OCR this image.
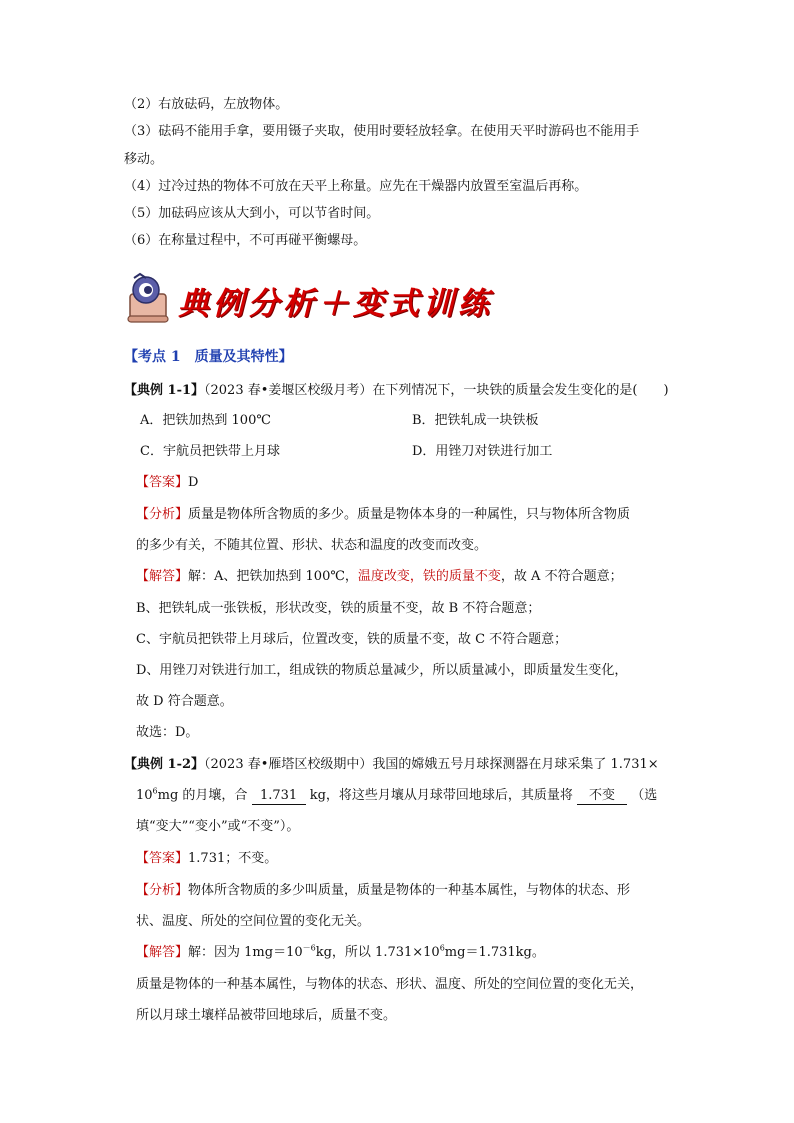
（2）右放砝码，左放物体。
（3）砝码不能用手拿，要用镊子夹取，使用时要轻放轻拿。在使用天平时游码也不能用手
移动。
（4）过冷过热的物体不可放在天平上称量。应先在干燥器内放置至室温后再称。
（5）加砝码应该从大到小，可以节省时间。
（6）在称量过程中，不可再碰平衡螺母。
典例分析＋变式训练
【考点 1　质量及其特性】
【典例 1-1】（2023 春•姜堰区校级月考）在下列情况下，一块铁的质量会发生变化的是(　　)
A．把铁加热到 100℃	B．把铁轧成一块铁板
C．宇航员把铁带上月球	D．用锉刀对铁进行加工
【答案】D
【分析】质量是物体所含物质的多少。质量是物体本身的一种属性，只与物体所含物质
的多少有关，不随其位置、形状、状态和温度的改变而改变。
【解答】解：A、把铁加热到 100℃，温度改变，铁的质量不变，故 A 不符合题意；
B、把铁轧成一张铁板，形状改变，铁的质量不变，故 B 不符合题意；
C、宇航员把铁带上月球后，位置改变，铁的质量不变，故 C 不符合题意；
D、用锉刀对铁进行加工，组成铁的物质总量减少，所以质量减小，即质量发生变化，
故 D 符合题意。
故选：D。
【典例 1-2】（2023 春•雁塔区校级期中）我国的嫦娥五号月球探测器在月球采集了 1.731×
$10^6mg$ 的月壤，合 1.731 kg，将这些月壤从月球带回地球后，其质量将 不变 （选
填“变大”“变小”或“不变”）。
【答案】1.731；不变。
【分析】物体所含物质的多少叫质量，质量是物体的一种基本属性，与物体的状态、形
状、温度、所处的空间位置的变化无关。
【解答】解：因为 $1mg=10^{-6}kg$，所以 $1.731\times 10^6mg=1.731kg$。
质量是物体的一种基本属性，与物体的状态、形状、温度、所处的空间位置的变化无关，
所以月球土壤样品被带回地球后，质量不变。
